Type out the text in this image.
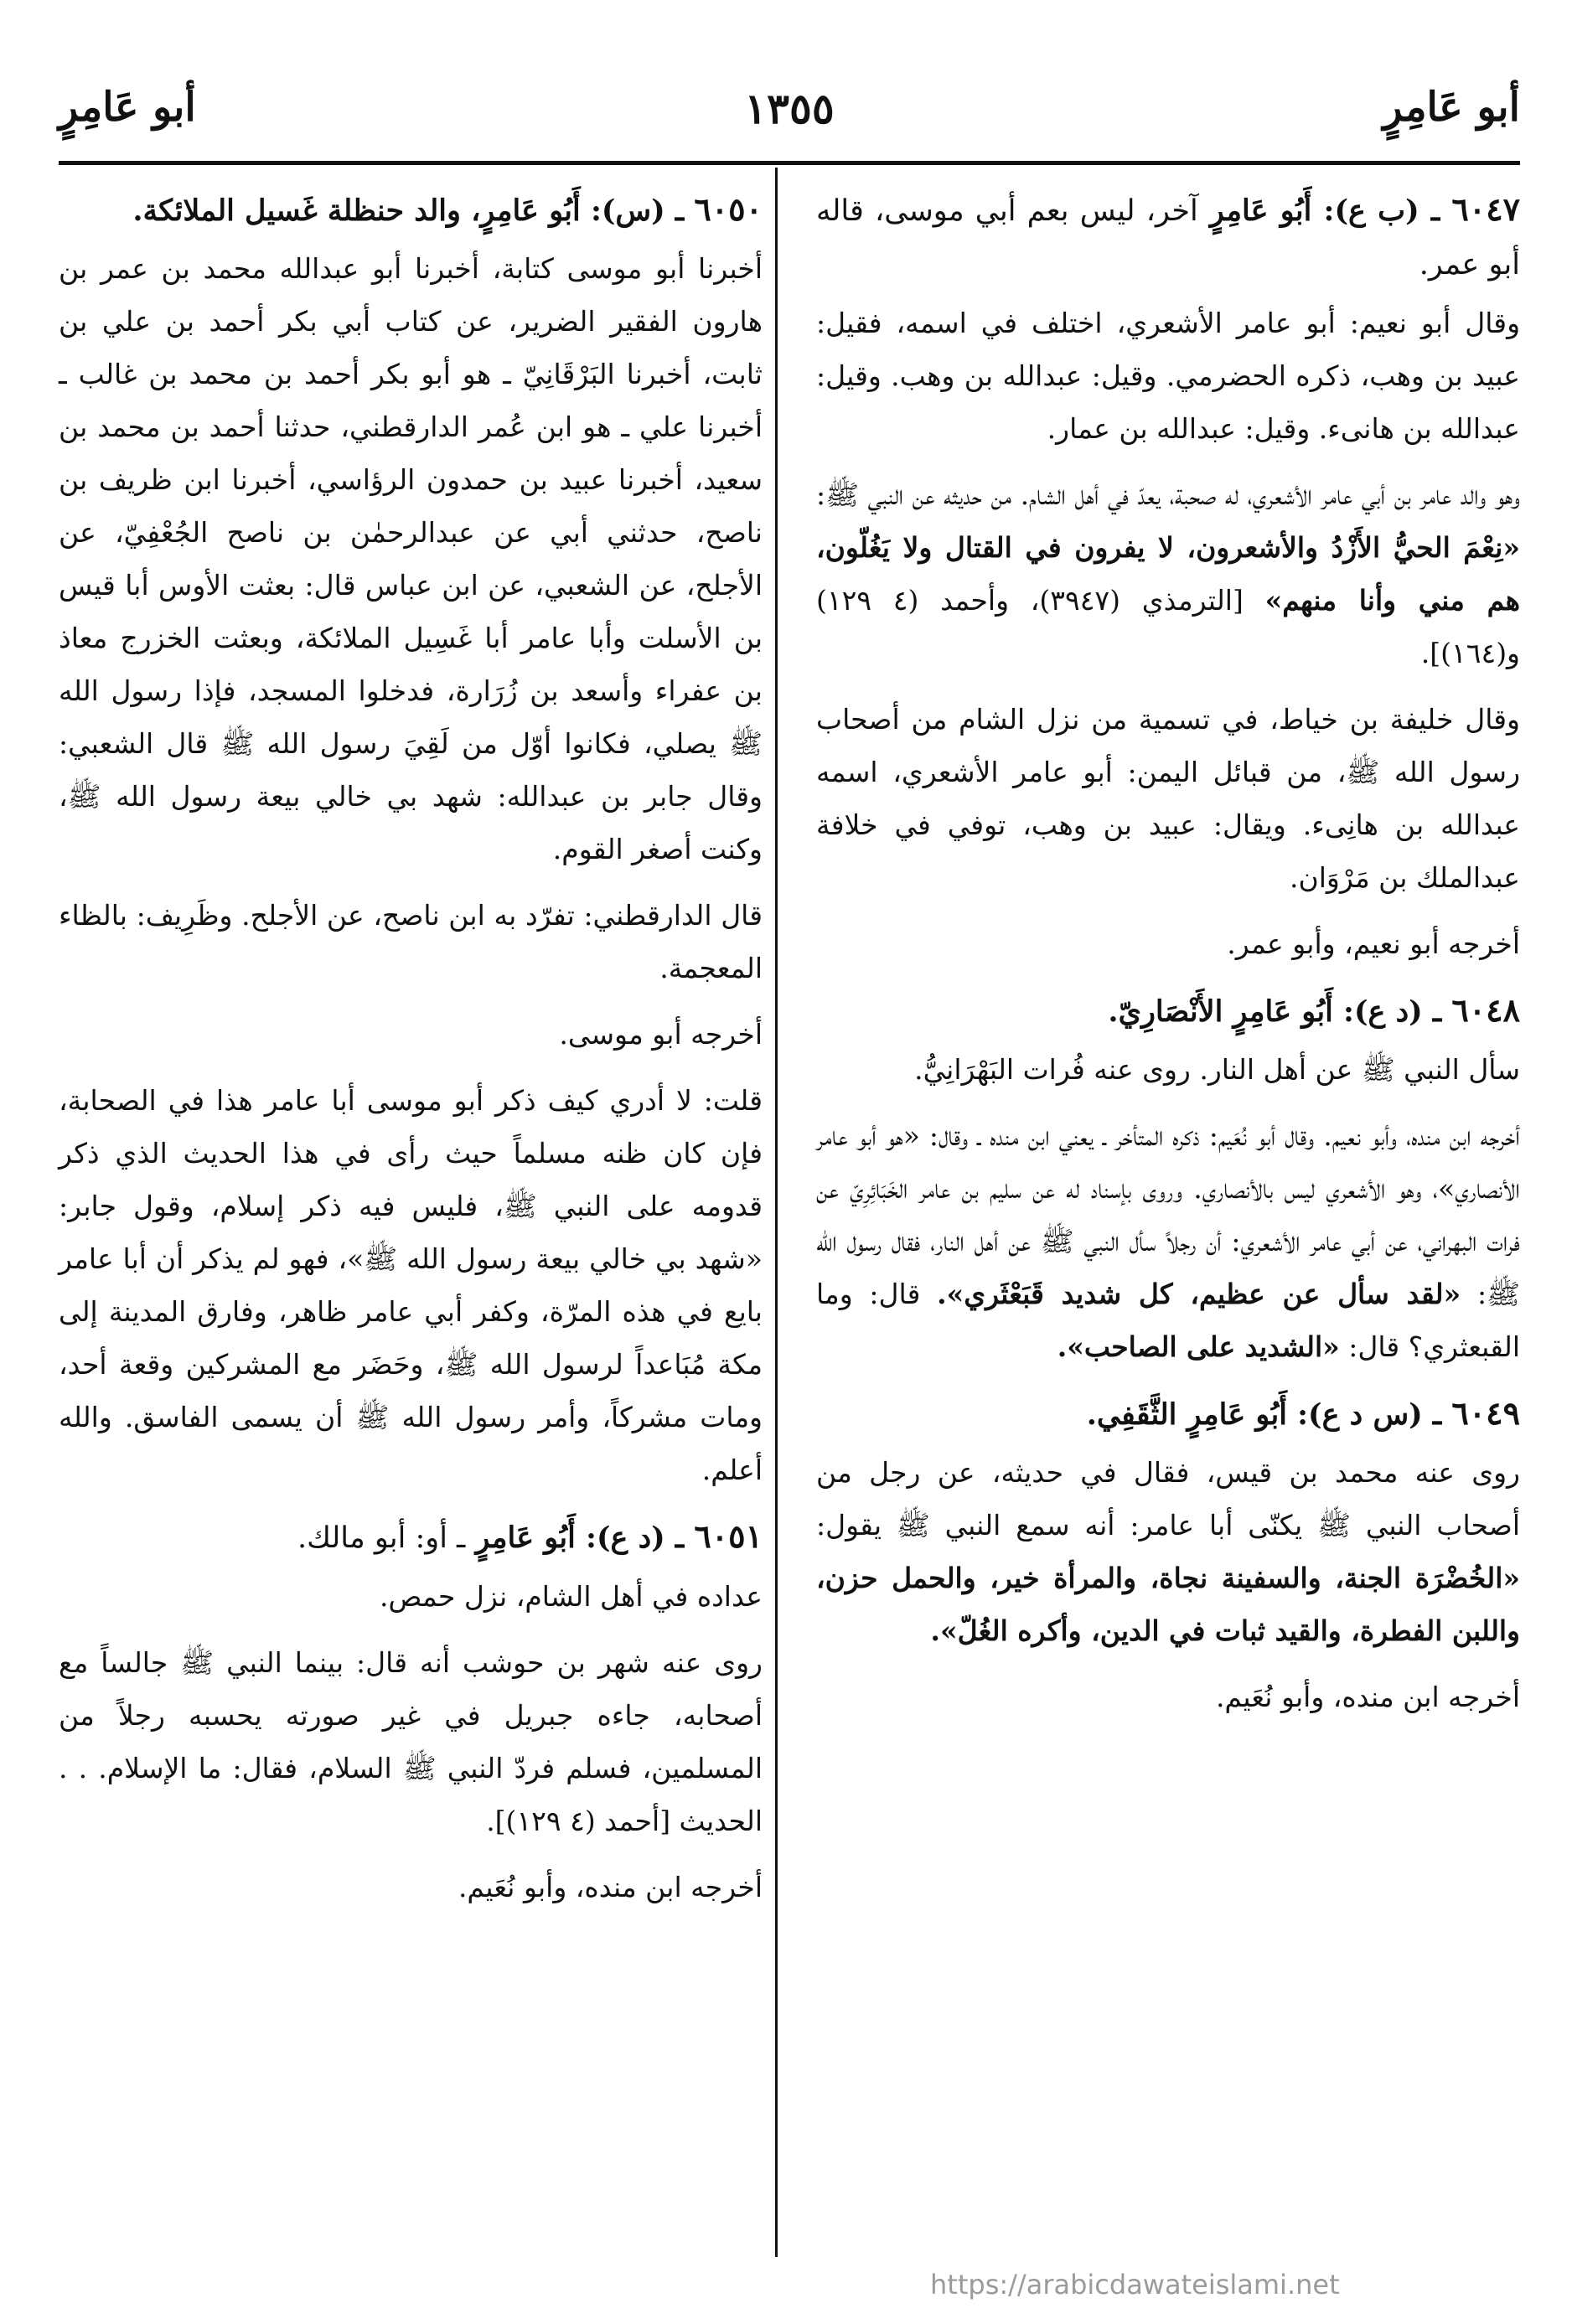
أبو عَامِرٍ
١٣٥٥
أبو عَامِرٍ

٦٠٤٧ ـ (ب ع): أَبُو عَامِرٍ آخر، ليس بعم أبي موسى، قاله أبو عمر.

وقال أبو نعيم: أبو عامر الأشعري، اختلف في اسمه، فقيل: عبيد بن وهب، ذكره الحضرمي. وقيل: عبدالله بن وهب. وقيل: عبدالله بن هانىء. وقيل: عبدالله بن عمار.

وهو والد عامر بن أبي عامر الأشعري، له صحبة، يعدّ في أهل الشام. من حديثه عن النبي ﷺ: «نِعْمَ الحيُّ الأَزْدُ والأشعرون، لا يفرون في القتال ولا يَغُلّون، هم مني وأنا منهم» [الترمذي (٣٩٤٧)، وأحمد (٤ ١٢٩) و(١٦٤)].

وقال خليفة بن خياط، في تسمية من نزل الشام من أصحاب رسول الله ﷺ، من قبائل اليمن: أبو عامر الأشعري، اسمه عبدالله بن هانِىء. ويقال: عبيد بن وهب، توفي في خلافة عبدالملك بن مَرْوَان.

أخرجه أبو نعيم، وأبو عمر.

٦٠٤٨ ـ (د ع): أَبُو عَامِرٍ الأَنْصَارِيّ.

سأل النبي ﷺ عن أهل النار. روى عنه فُرات البَهْرَانِيُّ.

أخرجه ابن منده، وأبو نعيم. وقال أبو نُعَيم: ذكره المتأخر ـ يعني ابن منده ـ وقال: «هو أبو عامر الأنصاري»، وهو الأشعري ليس بالأنصاري. وروى بإسناد له عن سليم بن عامر الخَبَائِرِيّ عن فرات البهراني، عن أبي عامر الأشعري: أن رجلاً سأل النبي ﷺ عن أهل النار، فقال رسول الله ﷺ: «لقد سأل عن عظيم، كل شديد قَبَعْثَري». قال: وما القبعثري؟ قال: «الشديد على الصاحب».

٦٠٤٩ ـ (س د ع): أَبُو عَامِرٍ الثَّقَفِي.

روى عنه محمد بن قيس، فقال في حديثه، عن رجل من أصحاب النبي ﷺ يكنّى أبا عامر: أنه سمع النبي ﷺ يقول: «الخُضْرَة الجنة، والسفينة نجاة، والمرأة خير، والحمل حزن، واللبن الفطرة، والقيد ثبات في الدين، وأكره الغُلّ».

أخرجه ابن منده، وأبو نُعَيم.

٦٠٥٠ ـ (س): أَبُو عَامِرٍ، والد حنظلة غَسيل الملائكة.

أخبرنا أبو موسى كتابة، أخبرنا أبو عبدالله محمد بن عمر بن هارون الفقير الضرير، عن كتاب أبي بكر أحمد بن علي بن ثابت، أخبرنا البَرْقَانِيّ ـ هو أبو بكر أحمد بن محمد بن غالب ـ أخبرنا علي ـ هو ابن عُمر الدارقطني، حدثنا أحمد بن محمد بن سعيد، أخبرنا عبيد بن حمدون الرؤاسي، أخبرنا ابن ظريف بن ناصح، حدثني أبي عن عبدالرحمٰن بن ناصح الجُعْفِيّ، عن الأجلح، عن الشعبي، عن ابن عباس قال: بعثت الأوس أبا قيس بن الأسلت وأبا عامر أبا غَسِيل الملائكة، وبعثت الخزرج معاذ بن عفراء وأسعد بن زُرَارة، فدخلوا المسجد، فإذا رسول الله ﷺ يصلي، فكانوا أوّل من لَقِيَ رسول الله ﷺ قال الشعبي: وقال جابر بن عبدالله: شهد بي خالي بيعة رسول الله ﷺ، وكنت أصغر القوم.

قال الدارقطني: تفرّد به ابن ناصح، عن الأجلح. وظَرِيف: بالظاء المعجمة.

أخرجه أبو موسى.

قلت: لا أدري كيف ذكر أبو موسى أبا عامر هذا في الصحابة، فإن كان ظنه مسلماً حيث رأى في هذا الحديث الذي ذكر قدومه على النبي ﷺ، فليس فيه ذكر إسلام، وقول جابر: «شهد بي خالي بيعة رسول الله ﷺ»، فهو لم يذكر أن أبا عامر بايع في هذه المرّة، وكفر أبي عامر ظاهر، وفارق المدينة إلى مكة مُبَاعداً لرسول الله ﷺ، وحَضَر مع المشركين وقعة أحد، ومات مشركاً، وأمر رسول الله ﷺ أن يسمى الفاسق. والله أعلم.

٦٠٥١ ـ (د ع): أَبُو عَامِرٍ ـ أو: أبو مالك.

عداده في أهل الشام، نزل حمص.

روى عنه شهر بن حوشب أنه قال: بينما النبي ﷺ جالساً مع أصحابه، جاءه جبريل في غير صورته يحسبه رجلاً من المسلمين، فسلم فردّ النبي ﷺ السلام، فقال: ما الإسلام. . . الحديث [أحمد (٤ ١٢٩)].

أخرجه ابن منده، وأبو نُعَيم.

https://arabicdawateislami.net
